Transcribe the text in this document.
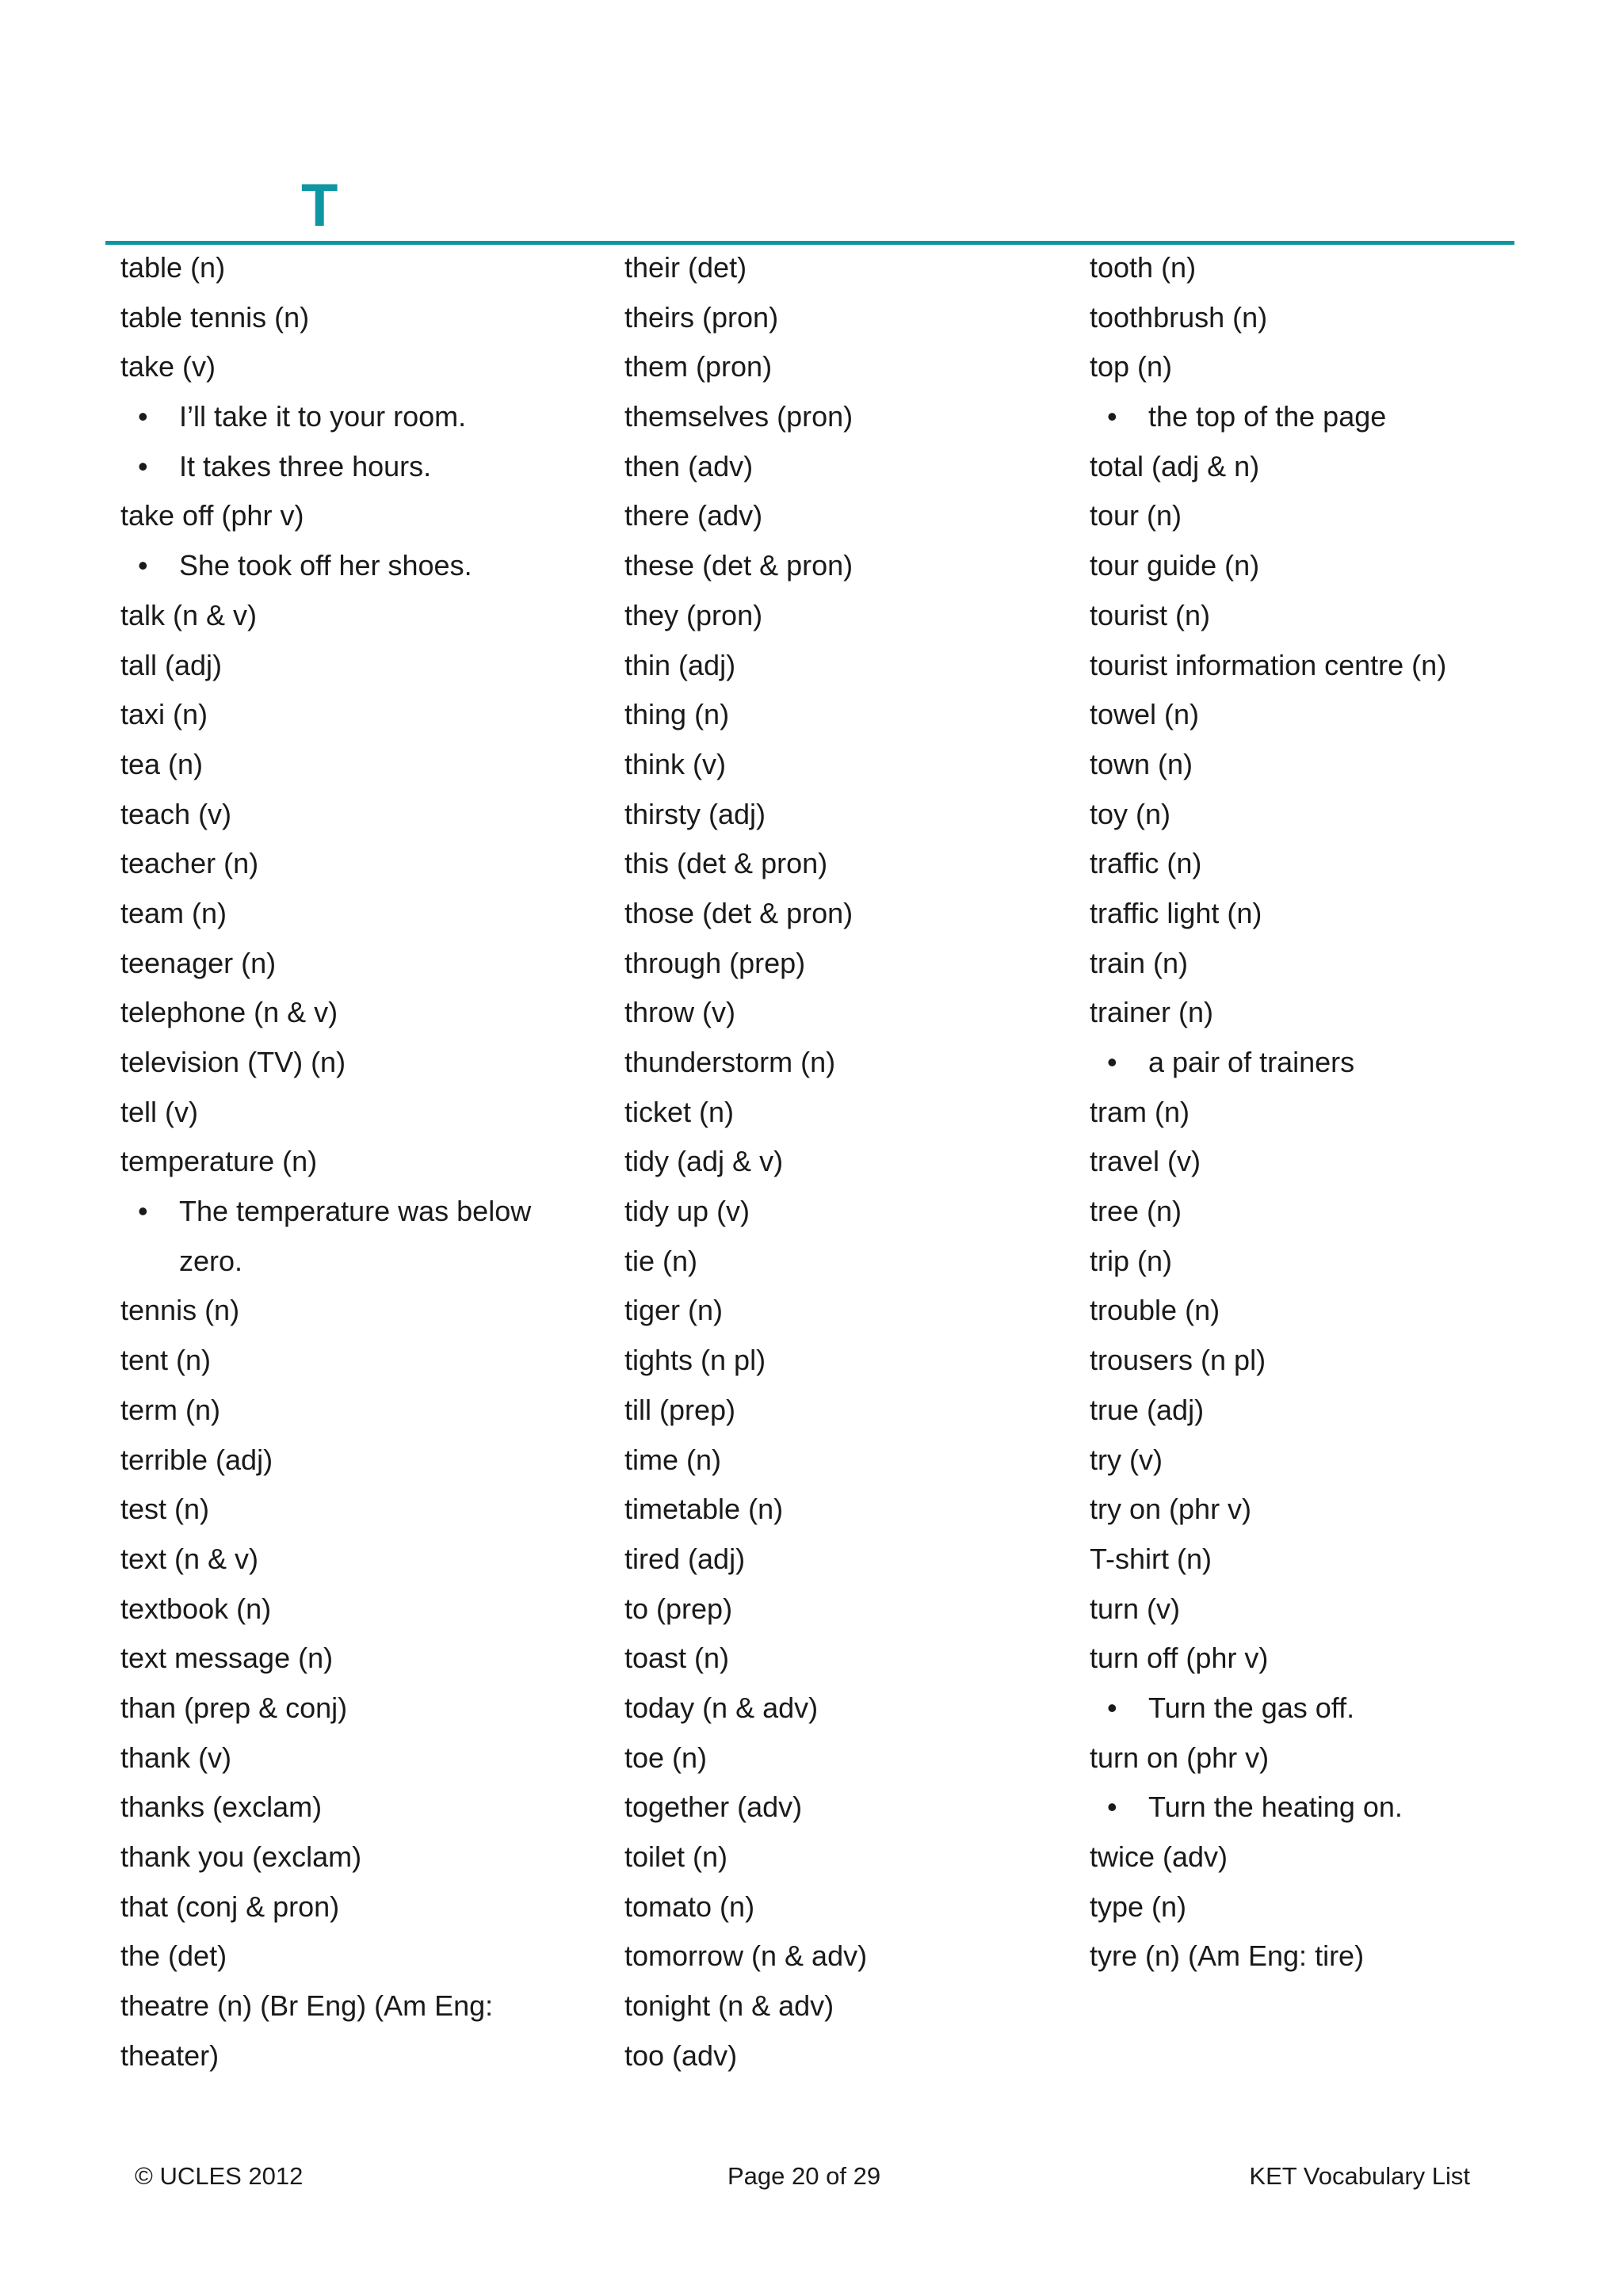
T
table (n)
table tennis (n)
take (v)
• I’ll take it to your room.
• It takes three hours.
take off (phr v)
• She took off her shoes.
talk (n & v)
tall (adj)
taxi (n)
tea (n)
teach (v)
teacher (n)
team (n)
teenager (n)
telephone (n & v)
television (TV) (n)
tell (v)
temperature (n)
• The temperature was below
zero.
tennis (n)
tent (n)
term (n)
terrible (adj)
test (n)
text (n & v)
textbook (n)
text message (n)
than (prep & conj)
thank (v)
thanks (exclam)
thank you (exclam)
that (conj & pron)
the (det)
theatre (n) (Br Eng) (Am Eng:
theater)
their (det)
theirs (pron)
them (pron)
themselves (pron)
then (adv)
there (adv)
these (det & pron)
they (pron)
thin (adj)
thing (n)
think (v)
thirsty (adj)
this (det & pron)
those (det & pron)
through (prep)
throw (v)
thunderstorm (n)
ticket (n)
tidy (adj & v)
tidy up (v)
tie (n)
tiger (n)
tights (n pl)
till (prep)
time (n)
timetable (n)
tired (adj)
to (prep)
toast (n)
today (n & adv)
toe (n)
together (adv)
toilet (n)
tomato (n)
tomorrow (n & adv)
tonight (n & adv)
too (adv)
tooth (n)
toothbrush (n)
top (n)
• the top of the page
total (adj & n)
tour (n)
tour guide (n)
tourist (n)
tourist information centre (n)
towel (n)
town (n)
toy (n)
traffic (n)
traffic light (n)
train (n)
trainer (n)
• a pair of trainers
tram (n)
travel (v)
tree (n)
trip (n)
trouble (n)
trousers (n pl)
true (adj)
try (v)
try on (phr v)
T-shirt (n)
turn (v)
turn off (phr v)
• Turn the gas off.
turn on (phr v)
• Turn the heating on.
twice (adv)
type (n)
tyre (n) (Am Eng: tire)
© UCLES 2012	Page 20 of 29	KET Vocabulary List
